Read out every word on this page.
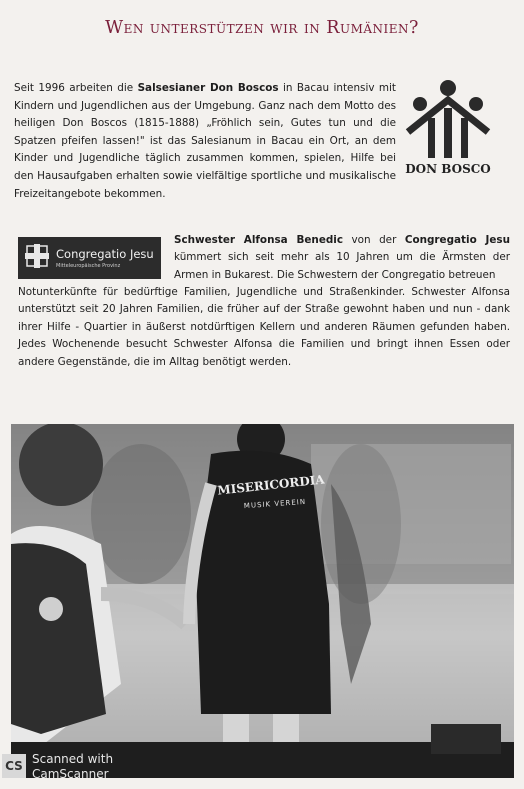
Wen unterstützen wir in Rumänien?

Seit 1996 arbeiten die Salsesianer Don Boscos in Bacau intensiv mit Kindern und Jugendlichen aus der Umgebung. Ganz nach dem Motto des heiligen Don Boscos (1815-1888) „Fröhlich sein, Gutes tun und die Spatzen pfeifen lassen!" ist das Salesianum in Bacau ein Ort, an dem Kinder und Jugendliche täglich zusammen kommen, spielen, Hilfe bei den Hausaufgaben erhalten sowie vielfältige sportliche und musikalische Freizeitangebote bekommen.

DON BOSCO
Congregatio Jesu
Mitteleuropäische Provinz

Schwester Alfonsa Benedic von der Congregatio Jesu kümmert sich seit mehr als 10 Jahren um die Ärmsten der Armen in Bukarest. Die Schwestern der Congregatio betreuen

Notunterkünfte für bedürftige Familien, Jugendliche und Straßenkinder. Schwester Alfonsa unterstützt seit 20 Jahren Familien, die früher auf der Straße gewohnt haben und nun - dank ihrer Hilfe - Quartier in äußerst notdürftigen Kellern und anderen Räumen gefunden haben. Jedes Wochenende besucht Schwester Alfonsa die Familien und bringt ihnen Essen oder andere Gegenstände, die im Alltag benötigt werden.

MISERICORDIA
MUSIK VEREIN
CS Scanned with
CamScanner
